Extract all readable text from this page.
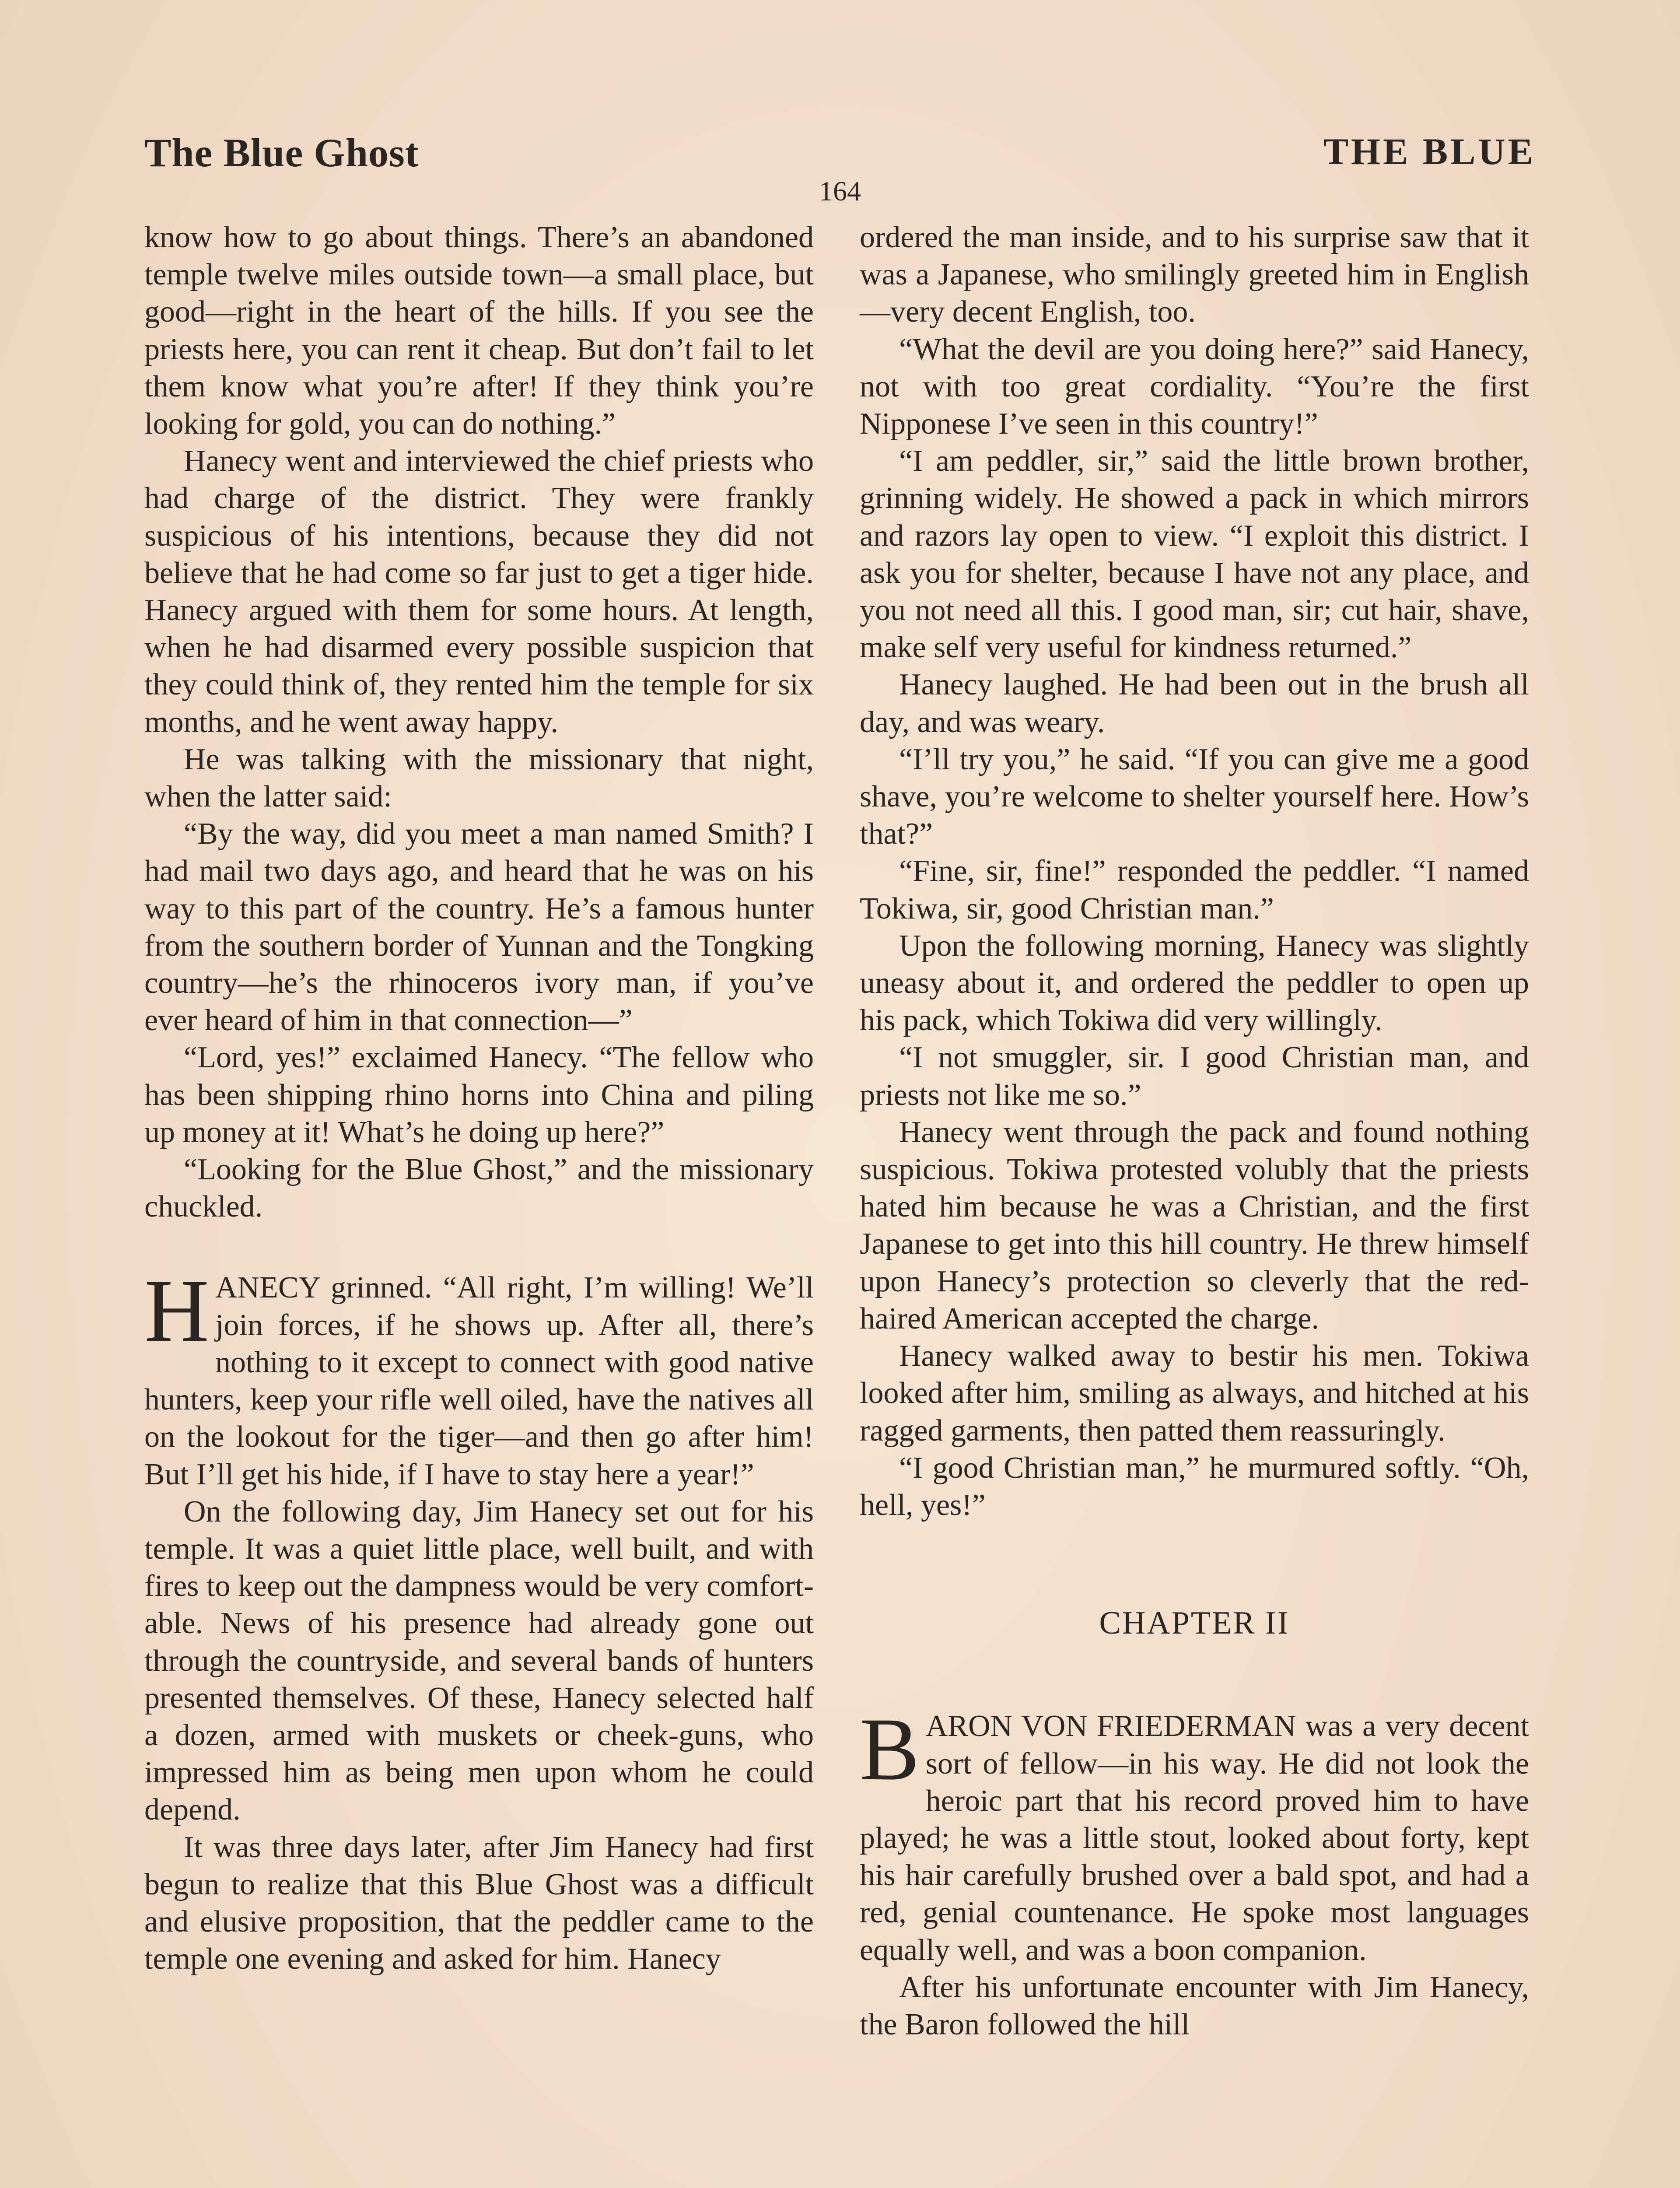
The Blue Ghost
164
THE BLUE

know how to go about things. There’s an abandoned temple twelve miles outside town—a small place, but good—right in the heart of the hills. If you see the priests here, you can rent it cheap. But don’t fail to let them know what you’re after! If they think you’re looking for gold, you can do nothing.”

Hanecy went and interviewed the chief priests who had charge of the district. They were frankly suspicious of his intentions, because they did not believe that he had come so far just to get a tiger hide. Hanecy argued with them for some hours. At length, when he had disarmed every possible suspicion that they could think of, they rented him the temple for six months, and he went away happy.

He was talking with the missionary that night, when the latter said:

“By the way, did you meet a man named Smith? I had mail two days ago, and heard that he was on his way to this part of the country. He’s a famous hunter from the southern border of Yunnan and the Tongking country—he’s the rhinoceros ivory man, if you’ve ever heard of him in that connection—”

“Lord, yes!” exclaimed Hanecy. “The fellow who has been shipping rhino horns into China and piling up money at it! What’s he doing up here?”

“Looking for the Blue Ghost,” and the missionary chuckled.

HANECY grinned. “All right, I’m willing! We’ll join forces, if he shows up. After all, there’s nothing to it except to connect with good native hunters, keep your rifle well oiled, have the natives all on the lookout for the tiger—and then go after him! But I’ll get his hide, if I have to stay here a year!”

On the following day, Jim Hanecy set out for his temple. It was a quiet little place, well built, and with fires to keep out the dampness would be very comfortable. News of his presence had already gone out through the countryside, and several bands of hunters presented themselves. Of these, Hanecy selected half a dozen, armed with muskets or cheek-guns, who impressed him as being men upon whom he could depend.

It was three days later, after Jim Hanecy had first begun to realize that this Blue Ghost was a difficult and elusive proposition, that the peddler came to the temple one evening and asked for him. Hanecy

ordered the man inside, and to his surprise saw that it was a Japanese, who smilingly greeted him in English—very decent English, too.

“What the devil are you doing here?” said Hanecy, not with too great cordiality. “You’re the first Nipponese I’ve seen in this country!”

“I am peddler, sir,” said the little brown brother, grinning widely. He showed a pack in which mirrors and razors lay open to view. “I exploit this district. I ask you for shelter, because I have not any place, and you not need all this. I good man, sir; cut hair, shave, make self very useful for kindness returned.”

Hanecy laughed. He had been out in the brush all day, and was weary.

“I’ll try you,” he said. “If you can give me a good shave, you’re welcome to shelter yourself here. How’s that?”

“Fine, sir, fine!” responded the peddler. “I named Tokiwa, sir, good Christian man.”

Upon the following morning, Hanecy was slightly uneasy about it, and ordered the peddler to open up his pack, which Tokiwa did very willingly.

“I not smuggler, sir. I good Christian man, and priests not like me so.”

Hanecy went through the pack and found nothing suspicious. Tokiwa protested volubly that the priests hated him because he was a Christian, and the first Japanese to get into this hill country. He threw himself upon Hanecy’s protection so cleverly that the red-haired American accepted the charge.

Hanecy walked away to bestir his men. Tokiwa looked after him, smiling as always, and hitched at his ragged garments, then patted them reassuringly.

“I good Christian man,” he murmured softly. “Oh, hell, yes!”

CHAPTER II

BARON VON FRIEDERMAN was a very decent sort of fellow—in his way. He did not look the heroic part that his record proved him to have played; he was a little stout, looked about forty, kept his hair carefully brushed over a bald spot, and had a red, genial countenance. He spoke most languages equally well, and was a boon companion.

After his unfortunate encounter with Jim Hanecy, the Baron followed the hill
